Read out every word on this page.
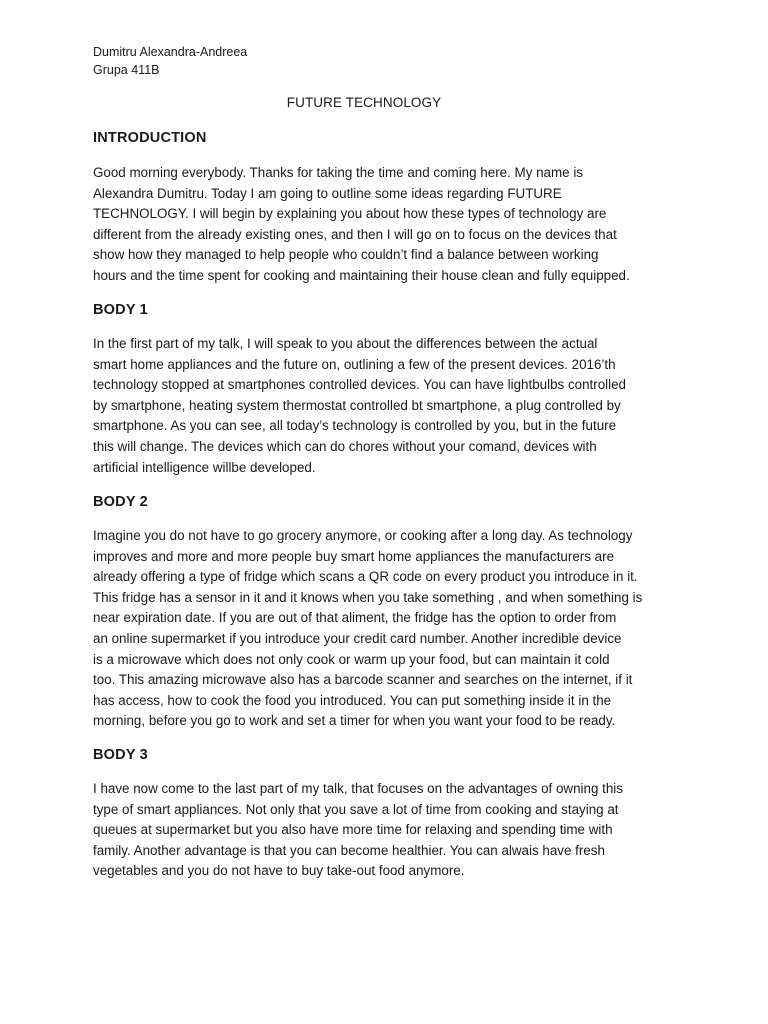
Dumitru Alexandra-Andreea
Grupa 411B
FUTURE TECHNOLOGY
INTRODUCTION
Good morning everybody. Thanks for taking the time and coming here. My name is
Alexandra Dumitru. Today I am going to outline some ideas regarding FUTURE
TECHNOLOGY. I will begin by explaining you about how these types of technology are
different from the already existing ones, and then I will go on to focus on the devices that
show how they managed to help people who couldn’t find a balance between working
hours and the time spent for cooking and maintaining their house clean and fully equipped.
BODY 1
In the first part of my talk, I will speak to you about the differences between the actual
smart home appliances and the future on, outlining a few of the present devices. 2016’th
technology stopped at smartphones controlled devices. You can have lightbulbs controlled
by smartphone, heating system thermostat controlled bt smartphone, a plug controlled by
smartphone. As you can see, all today’s technology is controlled by you, but in the future
this will change. The devices which can do chores without your comand, devices with
artificial intelligence willbe developed.
BODY 2
Imagine you do not have to go grocery anymore, or cooking after a long day. As technology
improves and more and more people buy smart home appliances the manufacturers are
already offering a type of fridge which scans a QR code on every product you introduce in it.
This fridge has a sensor in it and it knows when you take something , and when something is
near expiration date. If you are out of that aliment, the fridge has the option to order from
an online supermarket if you introduce your credit card number. Another incredible device
is a microwave which does not only cook or warm up your food, but can maintain it cold
too. This amazing microwave also has a barcode scanner and searches on the internet, if it
has access, how to cook the food you introduced. You can put something inside it in the
morning, before you go to work and set a timer for when you want your food to be ready.
BODY 3
I have now come to the last part of my talk, that focuses on the advantages of owning this
type of smart appliances. Not only that you save a lot of time from cooking and staying at
queues at supermarket but you also have more time for relaxing and spending time with
family. Another advantage is that you can become healthier. You can alwais have fresh
vegetables and you do not have to buy take-out food anymore.
